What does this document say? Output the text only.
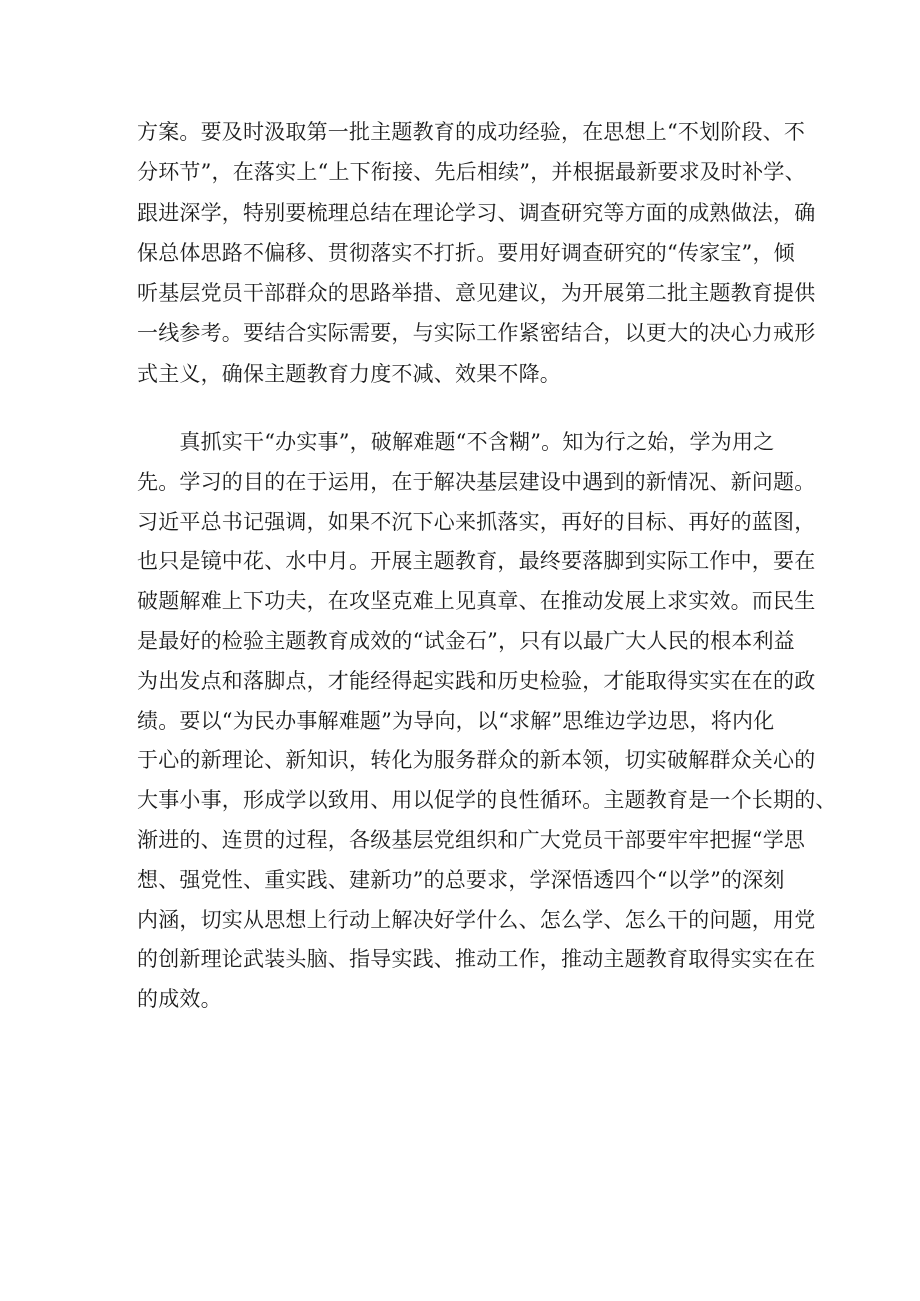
方案。要及时汲取第一批主题教育的成功经验，在思想上“不划阶段、不
分环节”，在落实上“上下衔接、先后相续”，并根据最新要求及时补学、
跟进深学，特别要梳理总结在理论学习、调查研究等方面的成熟做法，确
保总体思路不偏移、贯彻落实不打折。要用好调查研究的“传家宝”，倾
听基层党员干部群众的思路举措、意见建议，为开展第二批主题教育提供
一线参考。要结合实际需要，与实际工作紧密结合，以更大的决心力戒形
式主义，确保主题教育力度不减、效果不降。
　　真抓实干“办实事”，破解难题“不含糊”。知为行之始，学为用之
先。学习的目的在于运用，在于解决基层建设中遇到的新情况、新问题。
习近平总书记强调，如果不沉下心来抓落实，再好的目标、再好的蓝图，
也只是镜中花、水中月。开展主题教育，最终要落脚到实际工作中，要在
破题解难上下功夫，在攻坚克难上见真章、在推动发展上求实效。而民生
是最好的检验主题教育成效的“试金石”，只有以最广大人民的根本利益
为出发点和落脚点，才能经得起实践和历史检验，才能取得实实在在的政
绩。要以“为民办事解难题”为导向，以“求解”思维边学边思，将内化
于心的新理论、新知识，转化为服务群众的新本领，切实破解群众关心的
大事小事，形成学以致用、用以促学的良性循环。主题教育是一个长期的、
渐进的、连贯的过程，各级基层党组织和广大党员干部要牢牢把握“学思
想、强党性、重实践、建新功”的总要求，学深悟透四个“以学”的深刻
内涵，切实从思想上行动上解决好学什么、怎么学、怎么干的问题，用党
的创新理论武装头脑、指导实践、推动工作，推动主题教育取得实实在在
的成效。
